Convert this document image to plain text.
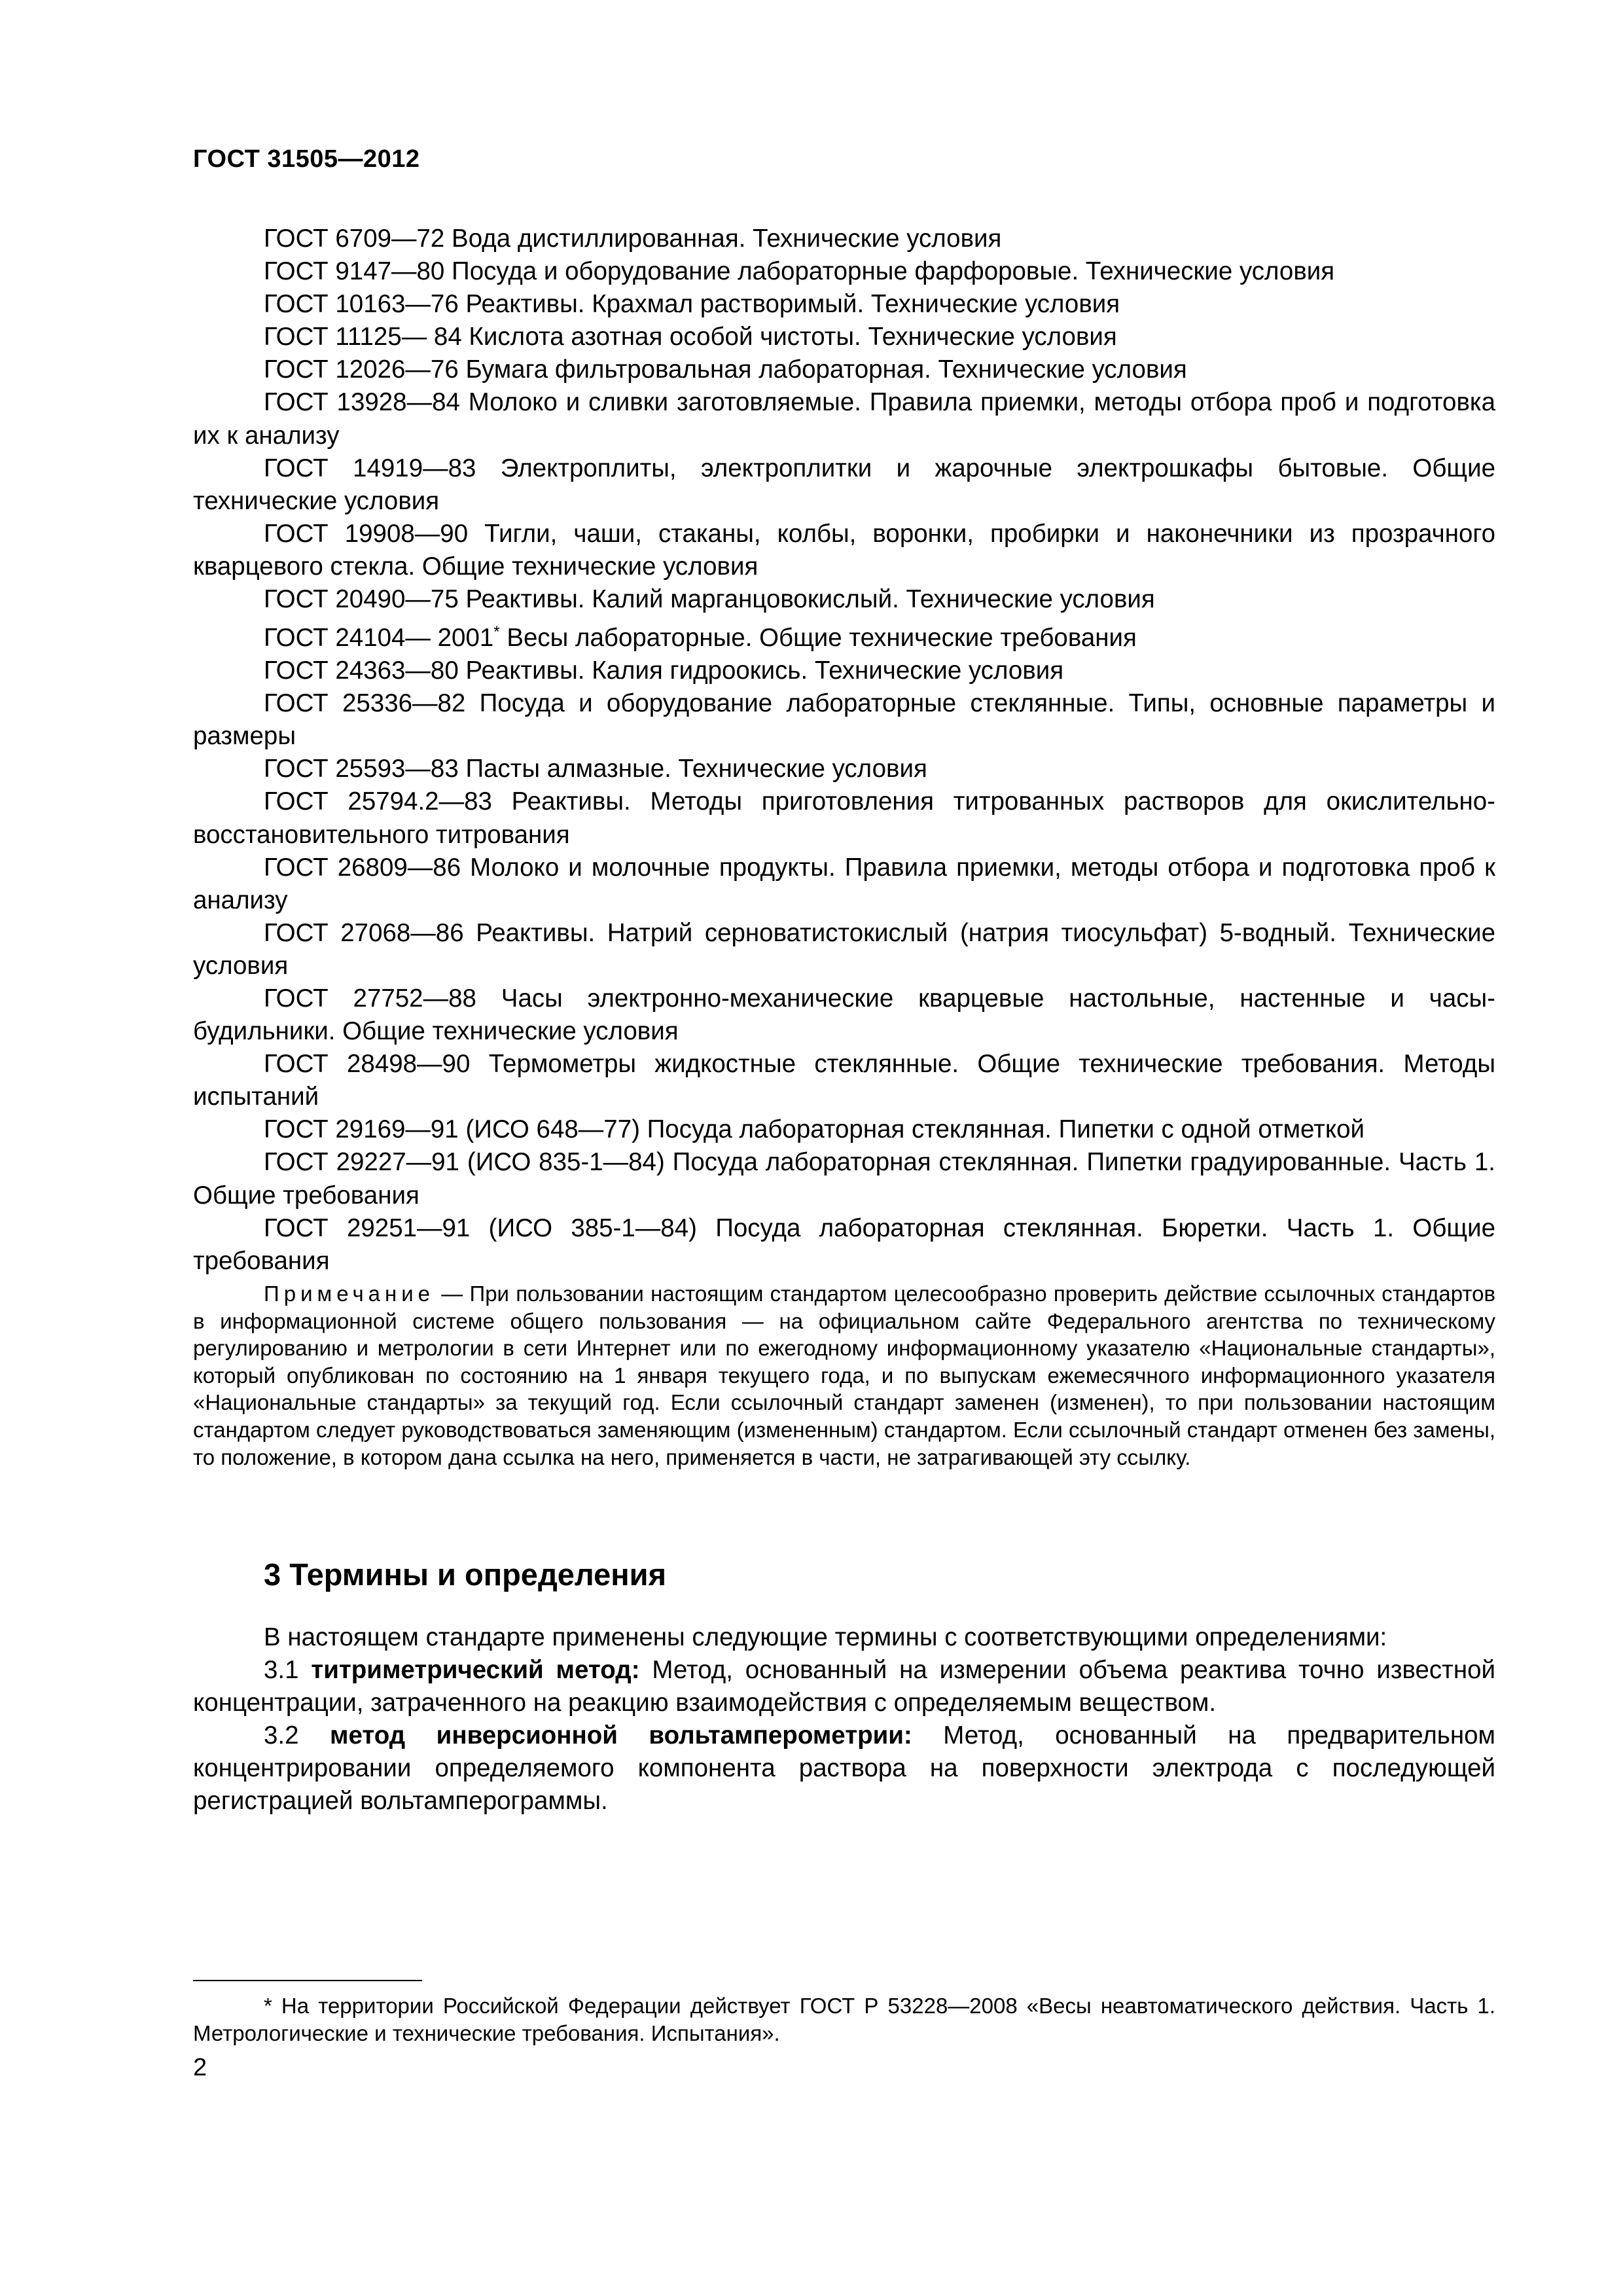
ГОСТ 31505—2012

ГОСТ 6709—72 Вода дистиллированная. Технические условия

ГОСТ 9147—80 Посуда и оборудование лабораторные фарфоровые. Технические условия

ГОСТ 10163—76 Реактивы. Крахмал растворимый. Технические условия

ГОСТ 11125— 84 Кислота азотная особой чистоты. Технические условия

ГОСТ 12026—76 Бумага фильтровальная лабораторная. Технические условия

ГОСТ 13928—84 Молоко и сливки заготовляемые. Правила приемки, методы отбора проб и подготовка их к анализу

ГОСТ 14919—83 Электроплиты, электроплитки и жарочные электрошкафы бытовые. Общие технические условия

ГОСТ 19908—90 Тигли, чаши, стаканы, колбы, воронки, пробирки и наконечники из прозрачного кварцевого стекла. Общие технические условия

ГОСТ 20490—75 Реактивы. Калий марганцовокислый. Технические условия

ГОСТ 24104— 2001* Весы лабораторные. Общие технические требования

ГОСТ 24363—80 Реактивы. Калия гидроокись. Технические условия

ГОСТ 25336—82 Посуда и оборудование лабораторные стеклянные. Типы, основные параметры и размеры

ГОСТ 25593—83 Пасты алмазные. Технические условия

ГОСТ 25794.2—83 Реактивы. Методы приготовления титрованных растворов для окислительно-восстановительного титрования

ГОСТ 26809—86 Молоко и молочные продукты. Правила приемки, методы отбора и подготовка проб к анализу

ГОСТ 27068—86 Реактивы. Натрий серноватистокислый (натрия тиосульфат) 5-водный. Технические условия

ГОСТ 27752—88 Часы электронно-механические кварцевые настольные, настенные и часы-будильники. Общие технические условия

ГОСТ 28498—90 Термометры жидкостные стеклянные. Общие технические требования. Методы испытаний

ГОСТ 29169—91 (ИСО 648—77) Посуда лабораторная стеклянная. Пипетки с одной отметкой

ГОСТ 29227—91 (ИСО 835-1—84) Посуда лабораторная стеклянная. Пипетки градуированные. Часть 1. Общие требования

ГОСТ 29251—91 (ИСО 385-1—84) Посуда лабораторная стеклянная. Бюретки. Часть 1. Общие требования

Примечание — При пользовании настоящим стандартом целесообразно проверить действие ссылочных стандартов в информационной системе общего пользования — на официальном сайте Федерального агентства по техническому регулированию и метрологии в сети Интернет или по ежегодному информационному указателю «Национальные стандарты», который опубликован по состоянию на 1 января текущего года, и по выпускам ежемесячного информационного указателя «Национальные стандарты» за текущий год. Если ссылочный стандарт заменен (изменен), то при пользовании настоящим стандартом следует руководствоваться заменяющим (измененным) стандартом. Если ссылочный стандарт отменен без замены, то положение, в котором дана ссылка на него, применяется в части, не затрагивающей эту ссылку.

3 Термины и определения

В настоящем стандарте применены следующие термины с соответствующими определениями:

3.1 титриметрический метод: Метод, основанный на измерении объема реактива точно известной концентрации, затраченного на реакцию взаимодействия с определяемым веществом.

3.2 метод инверсионной вольтамперометрии: Метод, основанный на предварительном концентрировании определяемого компонента раствора на поверхности электрода с последующей регистрацией вольтамперограммы.

* На территории Российской Федерации действует ГОСТ Р 53228—2008 «Весы неавтоматического действия. Часть 1. Метрологические и технические требования. Испытания».

2
